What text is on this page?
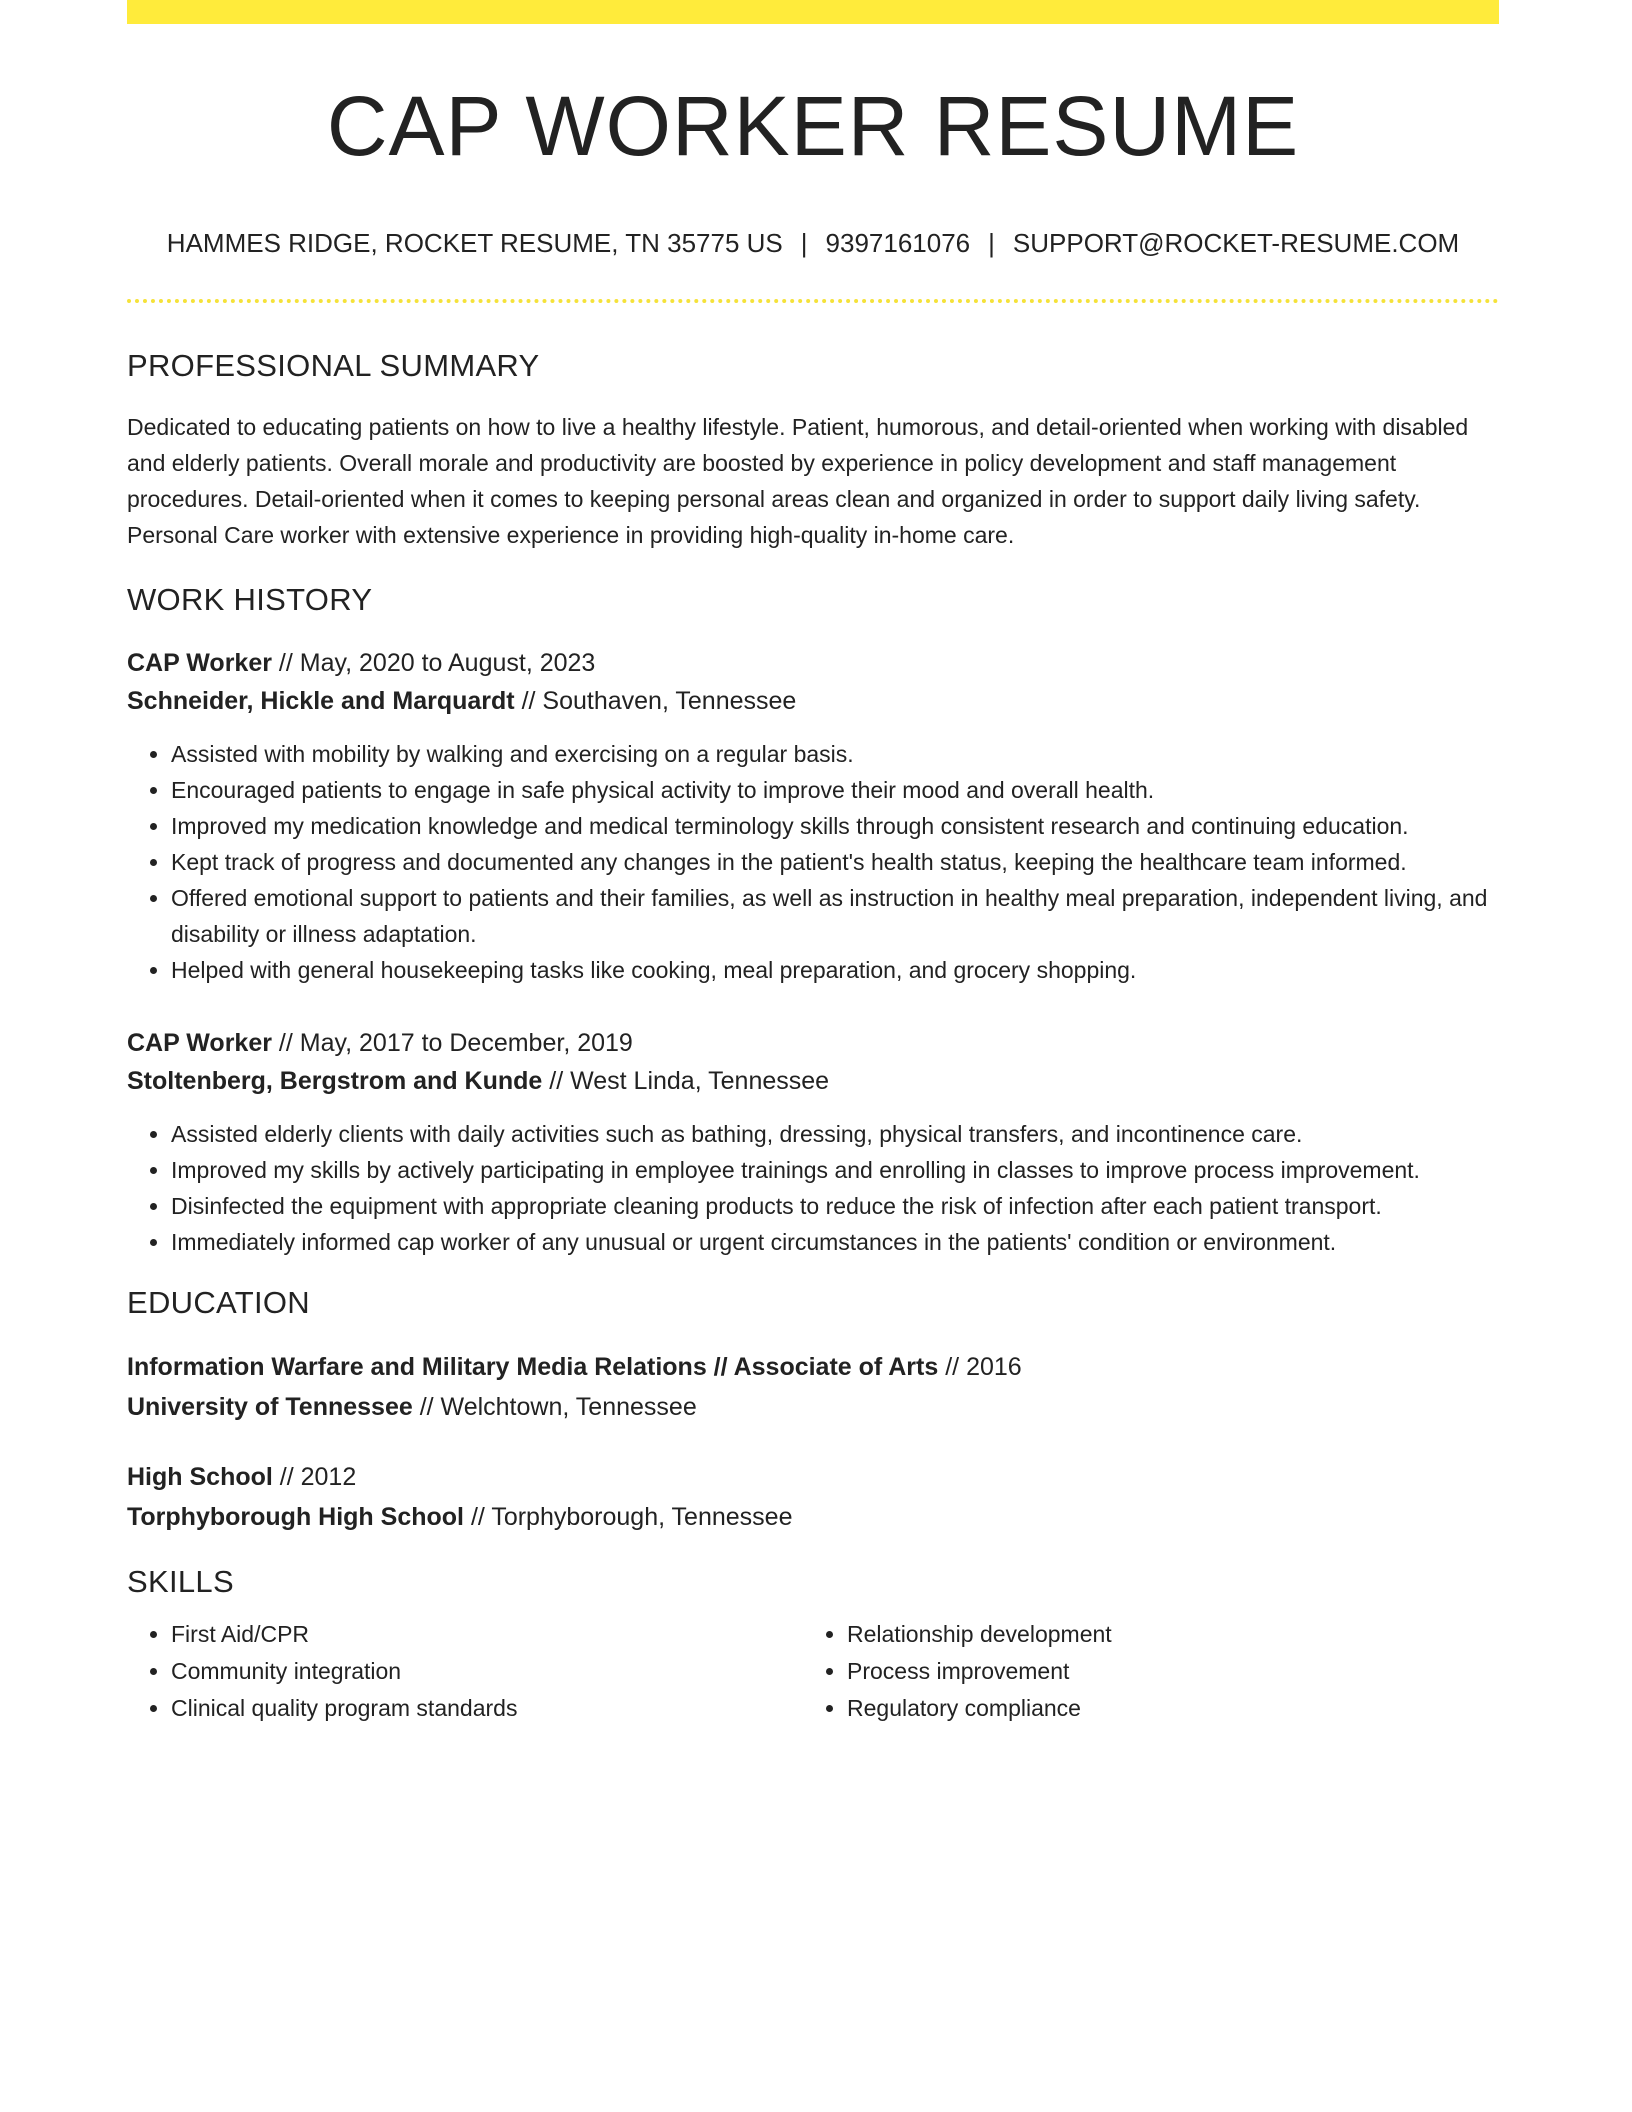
CAP WORKER RESUME
HAMMES RIDGE, ROCKET RESUME, TN 35775 US | 9397161076 | SUPPORT@ROCKET-RESUME.COM
PROFESSIONAL SUMMARY
Dedicated to educating patients on how to live a healthy lifestyle. Patient, humorous, and detail-oriented when working with disabled and elderly patients. Overall morale and productivity are boosted by experience in policy development and staff management procedures. Detail-oriented when it comes to keeping personal areas clean and organized in order to support daily living safety. Personal Care worker with extensive experience in providing high-quality in-home care.
WORK HISTORY
CAP Worker // May, 2020 to August, 2023
Schneider, Hickle and Marquardt // Southaven, Tennessee
• Assisted with mobility by walking and exercising on a regular basis.
• Encouraged patients to engage in safe physical activity to improve their mood and overall health.
• Improved my medication knowledge and medical terminology skills through consistent research and continuing education.
• Kept track of progress and documented any changes in the patient's health status, keeping the healthcare team informed.
• Offered emotional support to patients and their families, as well as instruction in healthy meal preparation, independent living, and disability or illness adaptation.
• Helped with general housekeeping tasks like cooking, meal preparation, and grocery shopping.
CAP Worker // May, 2017 to December, 2019
Stoltenberg, Bergstrom and Kunde // West Linda, Tennessee
• Assisted elderly clients with daily activities such as bathing, dressing, physical transfers, and incontinence care.
• Improved my skills by actively participating in employee trainings and enrolling in classes to improve process improvement.
• Disinfected the equipment with appropriate cleaning products to reduce the risk of infection after each patient transport.
• Immediately informed cap worker of any unusual or urgent circumstances in the patients' condition or environment.
EDUCATION
Information Warfare and Military Media Relations // Associate of Arts // 2016
University of Tennessee // Welchtown, Tennessee
High School // 2012
Torphyborough High School // Torphyborough, Tennessee
SKILLS
• First Aid/CPR
• Community integration
• Clinical quality program standards
• Relationship development
• Process improvement
• Regulatory compliance
